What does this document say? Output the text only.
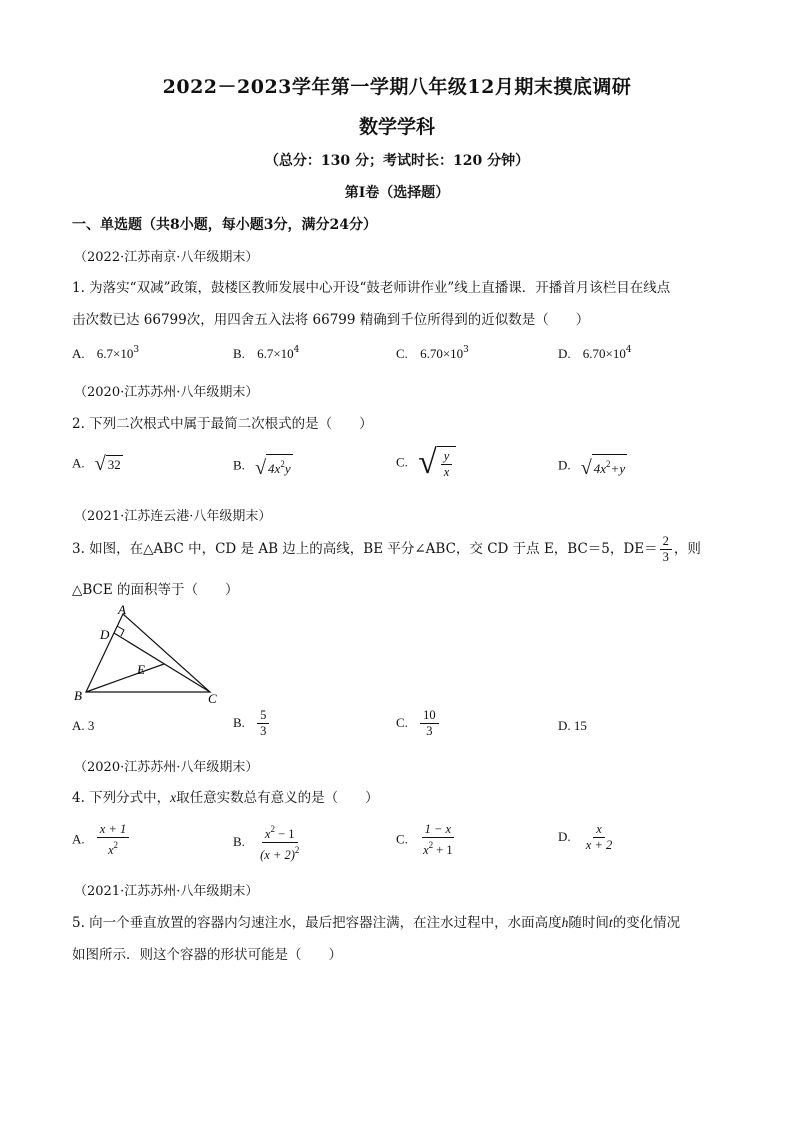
2022－2023学年第一学期八年级12月期末摸底调研
数学学科
（总分：130 分；考试时长：120 分钟）
第Ⅰ卷（选择题）
一、单选题（共8小题，每小题3分，满分24分）
（2022·江苏南京·八年级期末）
1. 为落实“双减”政策，鼓楼区教师发展中心开设“鼓老师讲作业”线上直播课．开播首月该栏目在线点
击次数已达 66799次，用四舍五入法将 66799 精确到千位所得到的近似数是（　　）
A. $6.7\times 10^3$	B. $6.7\times 10^4$	C. $6.70\times 10^3$	D. $6.70\times 10^4$
（2020·江苏苏州·八年级期末）
2. 下列二次根式中属于最简二次根式的是（　　）
A. √ 32	B. √ $4x^2y$	C. √ $\frac{y}{x}$	D. √ $4x^2+y$
（2021·江苏连云港·八年级期末）
3. 如图，在△ABC 中，CD 是 AB 边上的高线，BE 平分∠ABC，交 CD 于点 E，BC＝5，$DE= \frac{2}{3}$ ，则
△BCE 的面积等于（　　）
A
B	C
D
E
A. 3	B. $\frac{5}{3}$	C. $\frac{10}{3}$	D. 15
（2020·江苏苏州·八年级期末）
4. 下列分式中，x取任意实数总有意义的是（　　）
A. $\frac{x + 1}{x^2}$	B. $\frac{x^2 - 1}{(x + 2)^2}$	C. $\frac{1 - x}{x^2 + 1}$	D. $\frac{x}{x + 2}$
（2021·江苏苏州·八年级期末）
5. 向一个垂直放置的容器内匀速注水，最后把容器注满，在注水过程中，水面高度h随时间t的变化情况
如图所示．则这个容器的形状可能是（　　）
